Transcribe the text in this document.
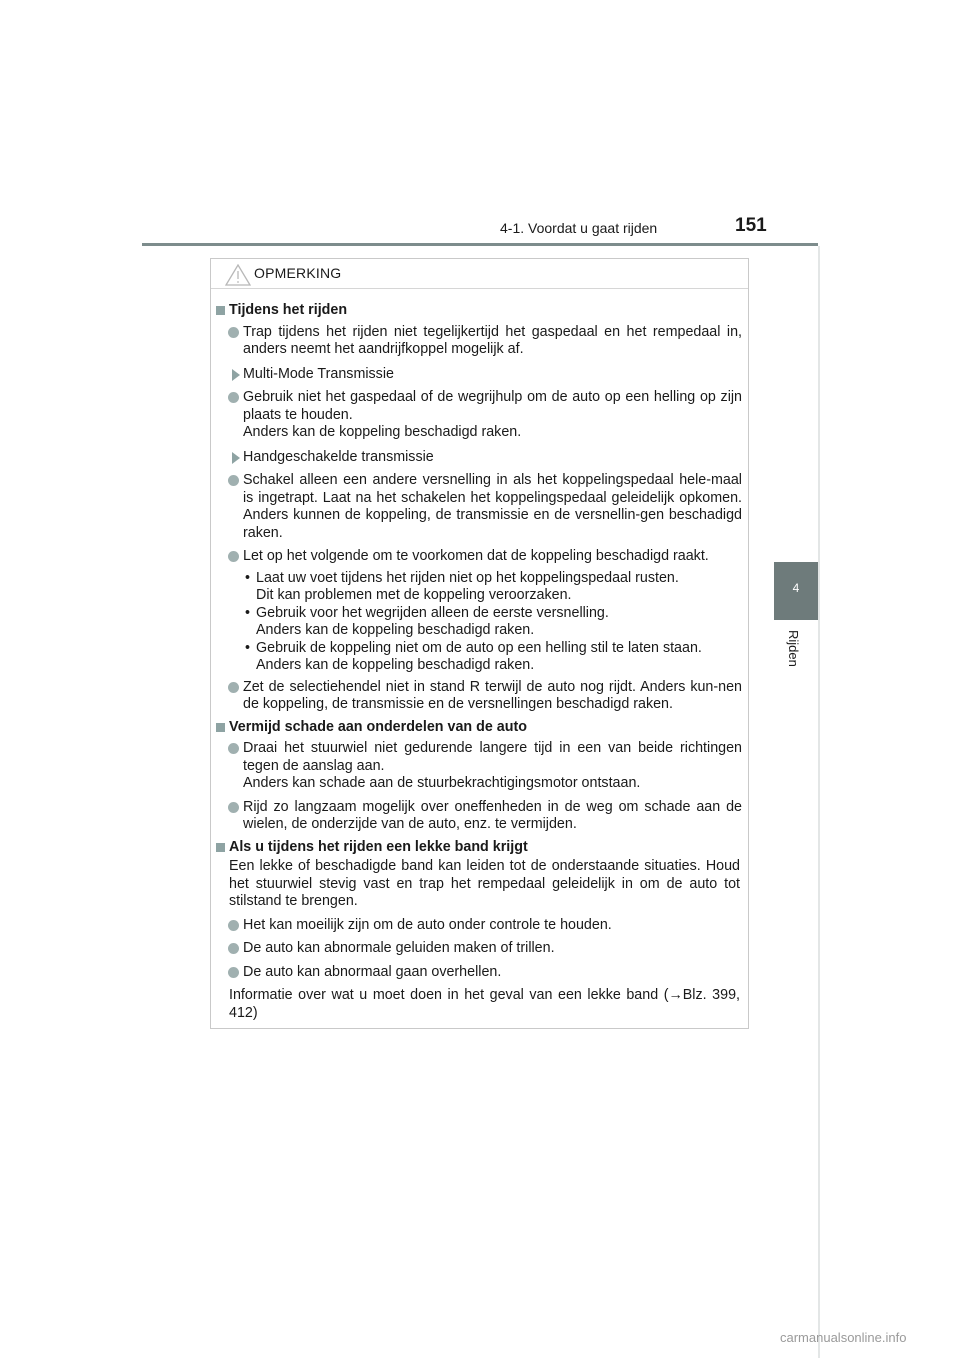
4-1. Voordat u gaat rijden	151
4
Rijden
OPMERKING
Tijdens het rijden
Trap tijdens het rijden niet tegelijkertijd het gaspedaal en het rempedaal in, anders neemt het aandrijfkoppel mogelijk af.
Multi-Mode Transmissie
Gebruik niet het gaspedaal of de wegrijhulp om de auto op een helling op zijn plaats te houden.
Anders kan de koppeling beschadigd raken.
Handgeschakelde transmissie
Schakel alleen een andere versnelling in als het koppelingspedaal hele-maal is ingetrapt. Laat na het schakelen het koppelingspedaal geleidelijk opkomen. Anders kunnen de koppeling, de transmissie en de versnellin-gen beschadigd raken.
Let op het volgende om te voorkomen dat de koppeling beschadigd raakt.
• Laat uw voet tijdens het rijden niet op het koppelingspedaal rusten.
Dit kan problemen met de koppeling veroorzaken.
• Gebruik voor het wegrijden alleen de eerste versnelling.
Anders kan de koppeling beschadigd raken.
• Gebruik de koppeling niet om de auto op een helling stil te laten staan.
Anders kan de koppeling beschadigd raken.
Zet de selectiehendel niet in stand R terwijl de auto nog rijdt. Anders kun-nen de koppeling, de transmissie en de versnellingen beschadigd raken.
Vermijd schade aan onderdelen van de auto
Draai het stuurwiel niet gedurende langere tijd in een van beide richtingen tegen de aanslag aan.
Anders kan schade aan de stuurbekrachtigingsmotor ontstaan.
Rijd zo langzaam mogelijk over oneffenheden in de weg om schade aan de wielen, de onderzijde van de auto, enz. te vermijden.
Als u tijdens het rijden een lekke band krijgt
Een lekke of beschadigde band kan leiden tot de onderstaande situaties. Houd het stuurwiel stevig vast en trap het rempedaal geleidelijk in om de auto tot stilstand te brengen.
Het kan moeilijk zijn om de auto onder controle te houden.
De auto kan abnormale geluiden maken of trillen.
De auto kan abnormaal gaan overhellen.
Informatie over wat u moet doen in het geval van een lekke band (→Blz. 399, 412)
carmanualsonline.info
